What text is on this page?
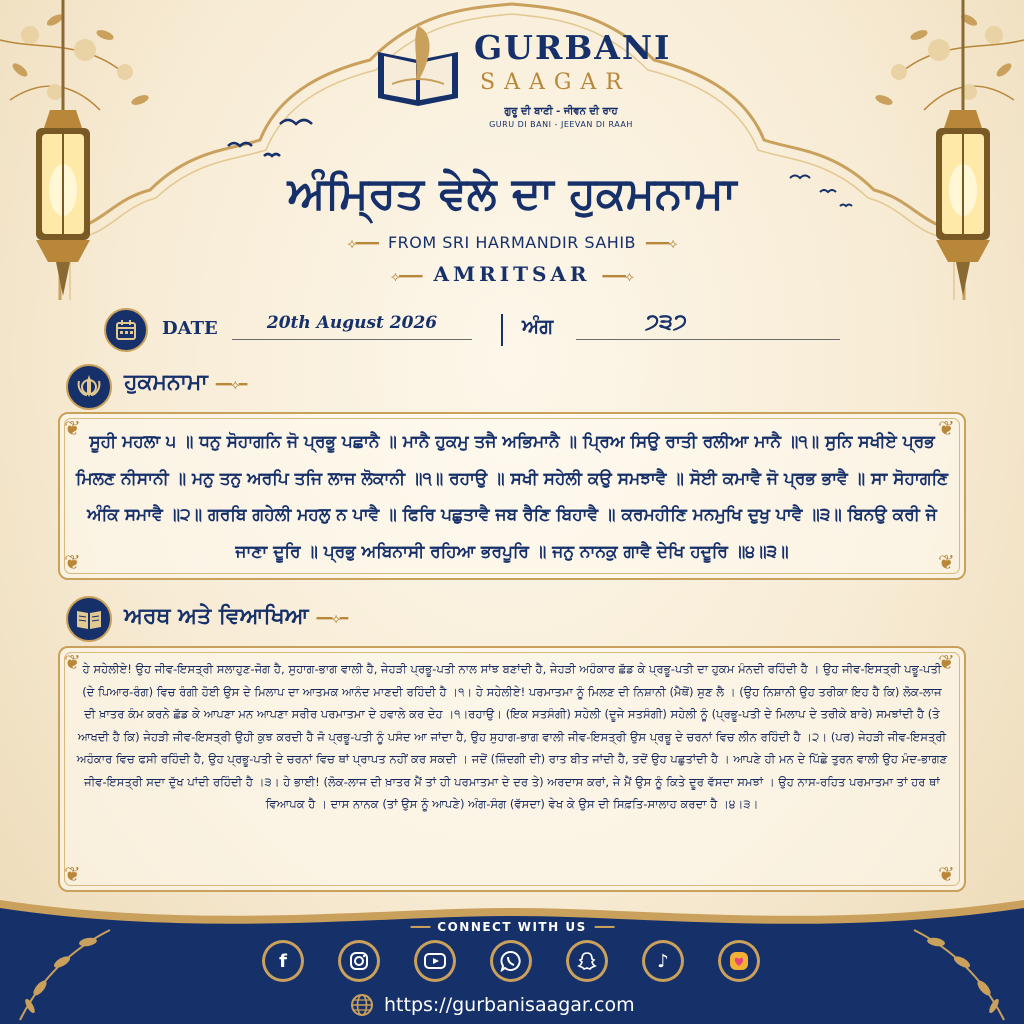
GURBANI
SAAGAR
ਗੁਰੂ ਦੀ ਬਾਣੀ - ਜੀਵਨ ਦੀ ਰਾਹ
GURU DI BANI - JEEVAN DI RAAH
ਅੰਮ੍ਰਿਤ ਵੇਲੇ ਦਾ ਹੁਕਮਨਾਮਾ
⟡━━━ FROM SRI HARMANDIR SAHIB ━━━⟡
⟡━━━ AMRITSAR ━━━⟡
DATE	20th August 2026	ਅੰਗ	੭੩੭
ਹੁਕਮਨਾਮਾ ━━⟡━
❦	❦
❦	❦
ਸੂਹੀ ਮਹਲਾ ੫ ॥ ਧਨੁ ਸੋਹਾਗਨਿ ਜੋ ਪ੍ਰਭੂ ਪਛਾਨੈ ॥ ਮਾਨੈ ਹੁਕਮੁ ਤਜੈ ਅਭਿਮਾਨੈ ॥ ਪ੍ਰਿਅ ਸਿਉ ਰਾਤੀ ਰਲੀਆ ਮਾਨੈ ॥੧॥ ਸੁਨਿ ਸਖੀਏ ਪ੍ਰਭ ਮਿਲਣ ਨੀਸਾਨੀ ॥ ਮਨੁ ਤਨੁ ਅਰਪਿ ਤਜਿ ਲਾਜ ਲੋਕਾਨੀ ॥੧॥ ਰਹਾਉ ॥ ਸਖੀ ਸਹੇਲੀ ਕਉ ਸਮਝਾਵੈ ॥ ਸੋਈ ਕਮਾਵੈ ਜੋ ਪ੍ਰਭ ਭਾਵੈ ॥ ਸਾ ਸੋਹਾਗਣਿ ਅੰਕਿ ਸਮਾਵੈ ॥੨॥ ਗਰਬਿ ਗਹੇਲੀ ਮਹਲੁ ਨ ਪਾਵੈ ॥ ਫਿਰਿ ਪਛੁਤਾਵੈ ਜਬ ਰੈਣਿ ਬਿਹਾਵੈ ॥ ਕਰਮਹੀਣਿ ਮਨਮੁਖਿ ਦੁਖੁ ਪਾਵੈ ॥੩॥ ਬਿਨਉ ਕਰੀ ਜੇ ਜਾਣਾ ਦੂਰਿ ॥ ਪ੍ਰਭੁ ਅਬਿਨਾਸੀ ਰਹਿਆ ਭਰਪੂਰਿ ॥ ਜਨੁ ਨਾਨਕੁ ਗਾਵੈ ਦੇਖਿ ਹਦੂਰਿ ॥੪॥੩॥
ਅਰਥ ਅਤੇ ਵਿਆਖਿਆ ━━⟡━
❦	❦
❦	❦
ਹੇ ਸਹੇਲੀਏ! ਉਹ ਜੀਵ-ਇਸਤ੍ਰੀ ਸਲਾਹੁਣ-ਜੋਗ ਹੈ, ਸੁਹਾਗ-ਭਾਗ ਵਾਲੀ ਹੈ, ਜੇਹੜੀ ਪ੍ਰਭੂ-ਪਤੀ ਨਾਲ ਸਾਂਝ ਬਣਾਂਦੀ ਹੈ, ਜੇਹੜੀ ਅਹੰਕਾਰ ਛੱਡ ਕੇ ਪ੍ਰਭੂ-ਪਤੀ ਦਾ ਹੁਕਮ ਮੰਨਦੀ ਰਹਿੰਦੀ ਹੈ । ਉਹ ਜੀਵ-ਇਸਤ੍ਰੀ ਪਭੂ-ਪਤੀ (ਦੇ ਪਿਆਰ-ਰੰਗ) ਵਿਚ ਰੰਗੀ ਹੋਈ ਉਸ ਦੇ ਮਿਲਾਪ ਦਾ ਆਤਮਕ ਆਨੰਦ ਮਾਣਦੀ ਰਹਿੰਦੀ ਹੈ ।੧। ਹੇ ਸਹੇਲੀਏ! ਪਰਮਾਤਮਾ ਨੂੰ ਮਿਲਣ ਦੀ ਨਿਸ਼ਾਨੀ (ਮੈਥੋਂ) ਸੁਣ ਲੈ । (ਉਹ ਨਿਸ਼ਾਨੀ ਉਹ ਤਰੀਕਾ ਇਹ ਹੈ ਕਿ) ਲੋਕ-ਲਾਜ ਦੀ ਖ਼ਾਤਰ ਕੰਮ ਕਰਨੇ ਛੱਡ ਕੇ ਆਪਣਾ ਮਨ ਆਪਣਾ ਸਰੀਰ ਪਰਮਾਤਮਾ ਦੇ ਹਵਾਲੇ ਕਰ ਦੇਹ ।੧।ਰਹਾਉ। (ਇਕ ਸਤਸੰਗੀ) ਸਹੇਲੀ (ਦੂਜੇ ਸਤਸੰਗੀ) ਸਹੇਲੀ ਨੂੰ (ਪ੍ਰਭੂ-ਪਤੀ ਦੇ ਮਿਲਾਪ ਦੇ ਤਰੀਕੇ ਬਾਰੇ) ਸਮਝਾਂਦੀ ਹੈ (ਤੇ ਆਖਦੀ ਹੈ ਕਿ) ਜੇਹੜੀ ਜੀਵ-ਇਸਤ੍ਰੀ ਉਹੀ ਕੁਝ ਕਰਦੀ ਹੈ ਜੋ ਪ੍ਰਭੂ-ਪਤੀ ਨੂੰ ਪਸੰਦ ਆ ਜਾਂਦਾ ਹੈ, ਉਹ ਸੁਹਾਗ-ਭਾਗ ਵਾਲੀ ਜੀਵ-ਇਸਤ੍ਰੀ ਉਸ ਪ੍ਰਭੂ ਦੇ ਚਰਨਾਂ ਵਿਚ ਲੀਨ ਰਹਿੰਦੀ ਹੈ ।੨। (ਪਰ) ਜੇਹੜੀ ਜੀਵ-ਇਸਤ੍ਰੀ ਅਹੰਕਾਰ ਵਿਚ ਫਸੀ ਰਹਿੰਦੀ ਹੈ, ਉਹ ਪ੍ਰਭੂ-ਪਤੀ ਦੇ ਚਰਨਾਂ ਵਿਚ ਥਾਂ ਪ੍ਰਾਪਤ ਨਹੀਂ ਕਰ ਸਕਦੀ । ਜਦੋਂ (ਜ਼ਿੰਦਗੀ ਦੀ) ਰਾਤ ਬੀਤ ਜਾਂਦੀ ਹੈ, ਤਦੋਂ ਉਹ ਪਛੁਤਾਂਦੀ ਹੈ । ਆਪਣੇ ਹੀ ਮਨ ਦੇ ਪਿੱਛੇ ਤੁਰਨ ਵਾਲੀ ਉਹ ਮੰਦ-ਭਾਗਣ ਜੀਵ-ਇਸਤ੍ਰੀ ਸਦਾ ਦੁੱਖ ਪਾਂਦੀ ਰਹਿੰਦੀ ਹੈ ।੩। ਹੇ ਭਾਈ! (ਲੋਕ-ਲਾਜ ਦੀ ਖ਼ਾਤਰ ਮੈਂ ਤਾਂ ਹੀ ਪਰਮਾਤਮਾ ਦੇ ਦਰ ਤੇ) ਅਰਦਾਸ ਕਰਾਂ, ਜੇ ਮੈਂ ਉਸ ਨੂੰ ਕਿਤੇ ਦੂਰ ਵੱਸਦਾ ਸਮਝਾਂ । ਉਹ ਨਾਸ-ਰਹਿਤ ਪਰਮਾਤਮਾ ਤਾਂ ਹਰ ਥਾਂ ਵਿਆਪਕ ਹੈ । ਦਾਸ ਨਾਨਕ (ਤਾਂ ਉਸ ਨੂੰ ਆਪਣੇ) ਅੰਗ-ਸੰਗ (ਵੱਸਦਾ) ਵੇਖ ਕੇ ਉਸ ਦੀ ਸਿਫ਼ਤਿ-ਸਾਲਾਹ ਕਰਦਾ ਹੈ ।੪।੩।
━━━ CONNECT WITH US ━━━
f	♪
https://gurbanisaagar.com
